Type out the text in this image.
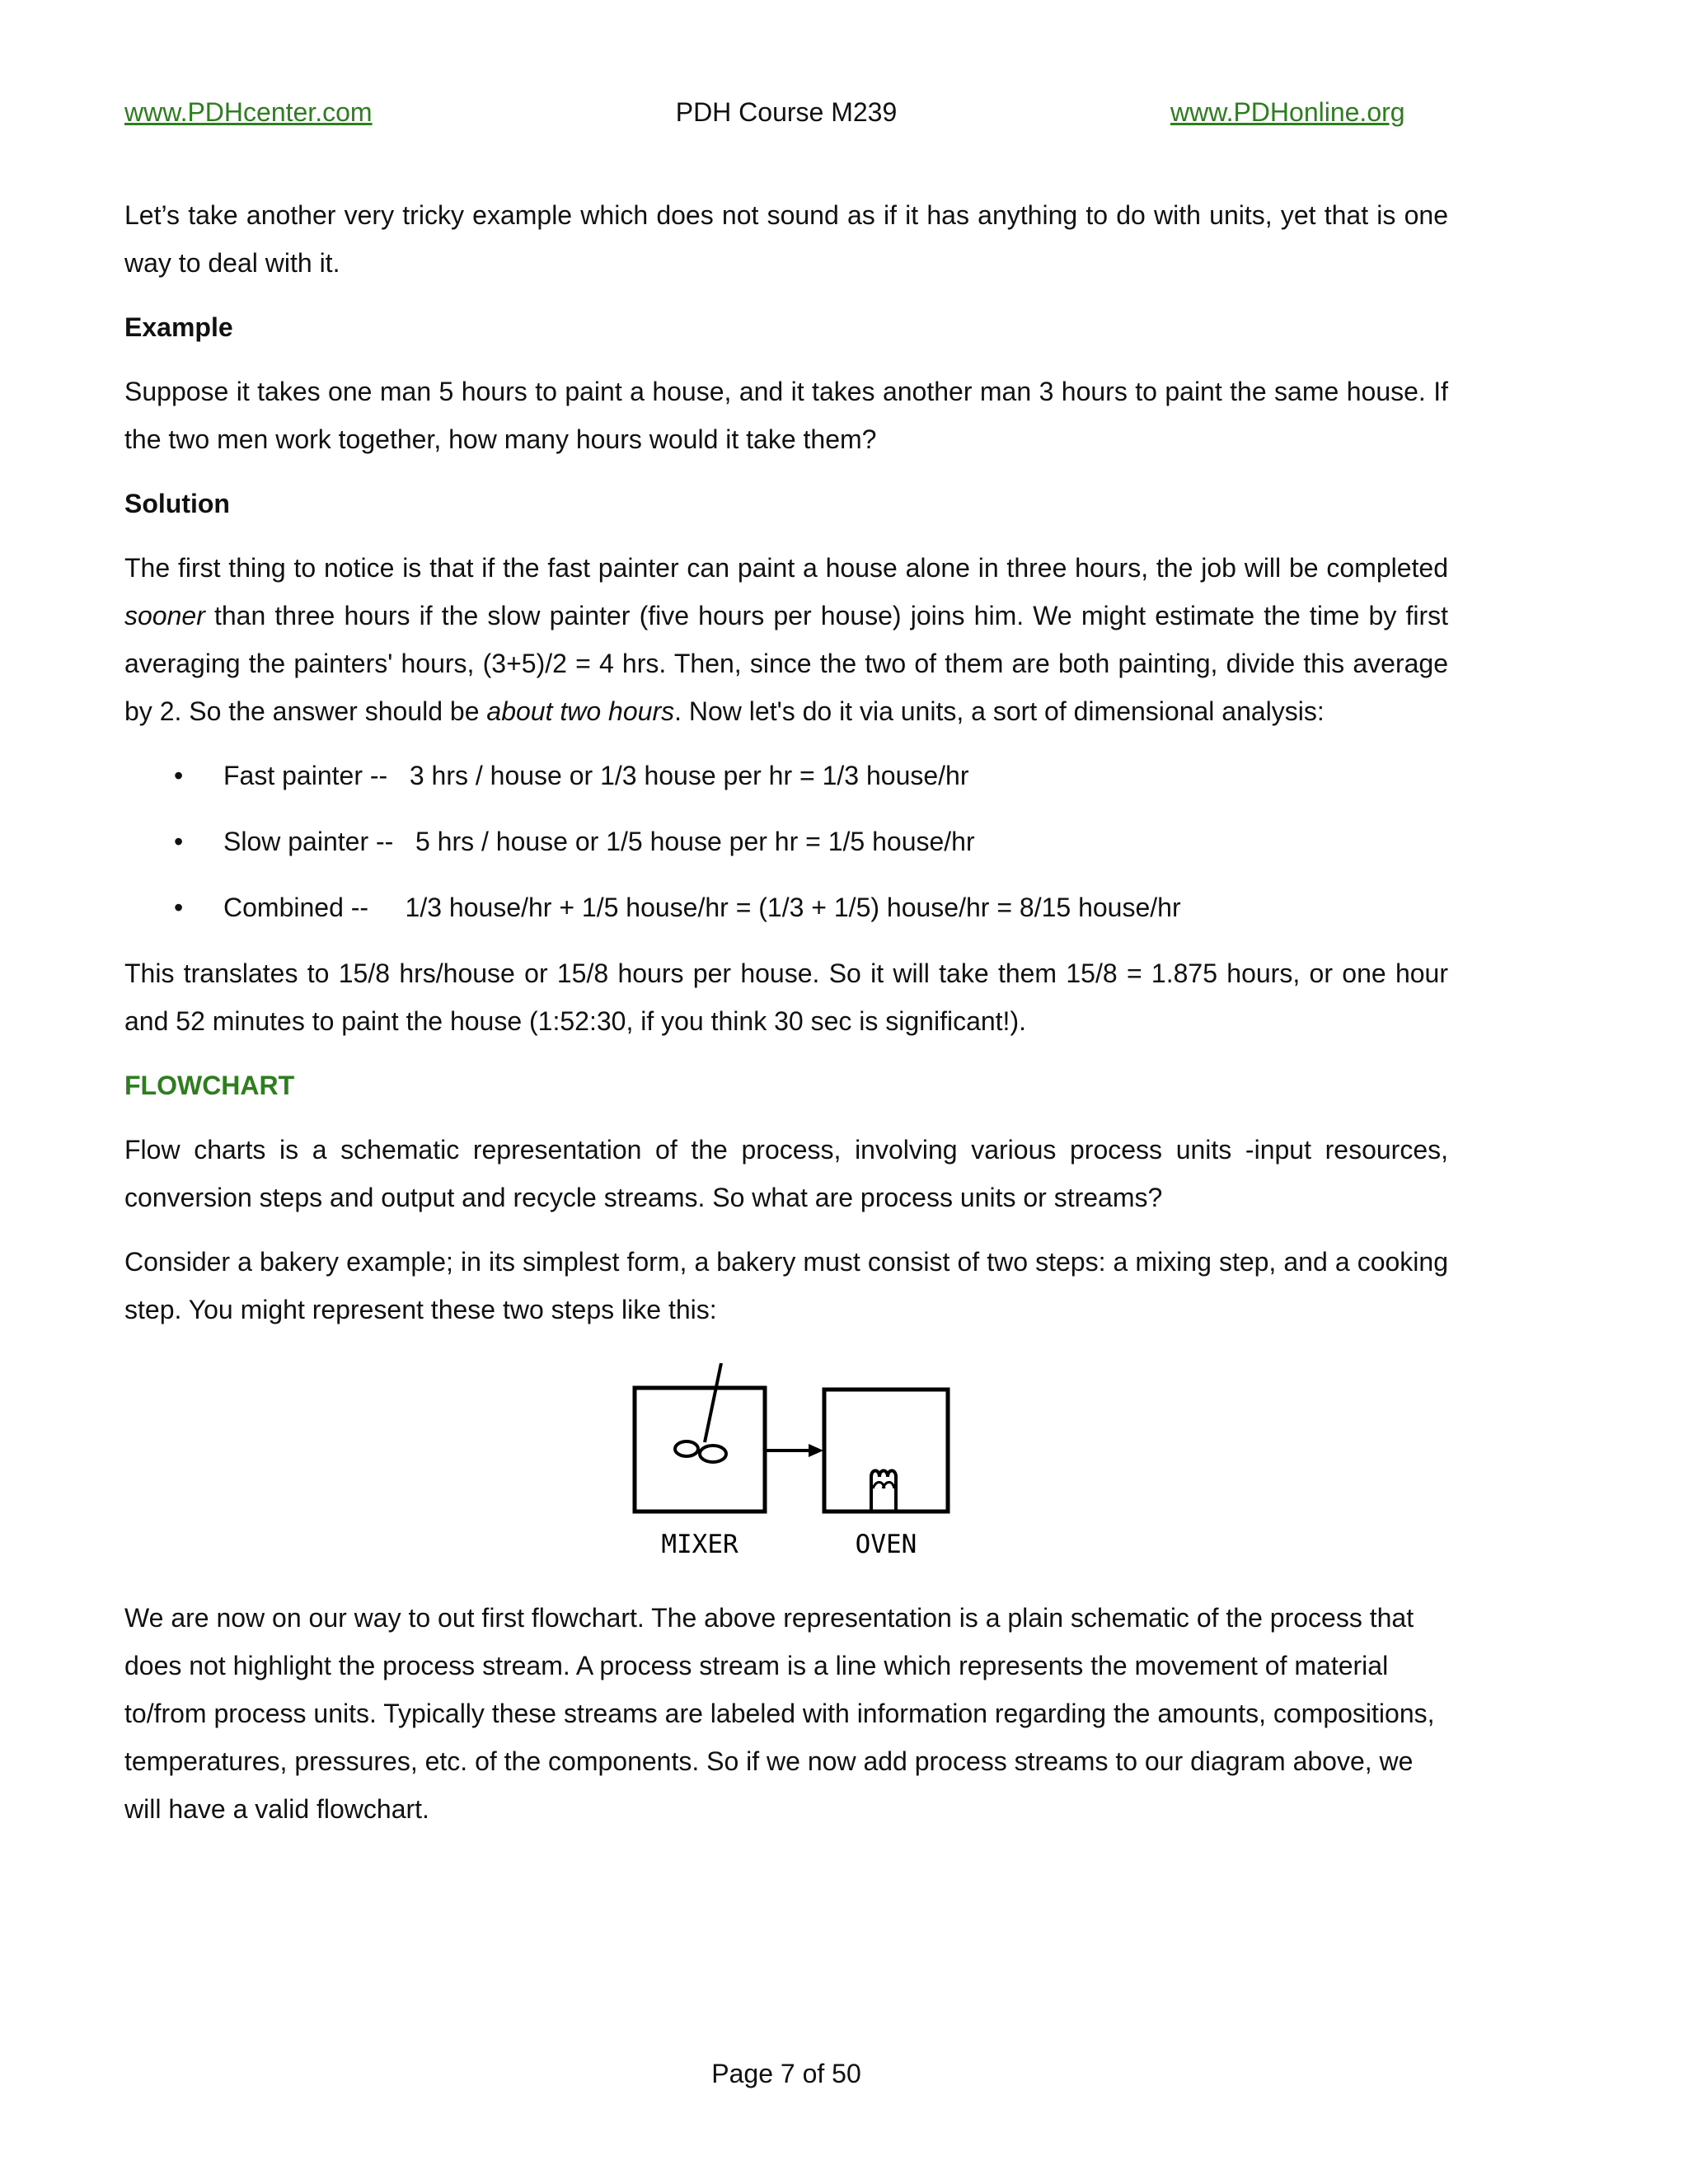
www.PDHcenter.com	PDH Course M239	www.PDHonline.org

Let’s take another very tricky example which does not sound as if it has anything to do with units, yet that is one way to deal with it.

Example

Suppose it takes one man 5 hours to paint a house, and it takes another man 3 hours to paint the same house. If the two men work together, how many hours would it take them?

Solution

The first thing to notice is that if the fast painter can paint a house alone in three hours, the job will be completed sooner than three hours if the slow painter (five hours per house) joins him. We might estimate the time by first averaging the painters' hours, (3+5)/2 = 4 hrs. Then, since the two of them are both painting, divide this average by 2. So the answer should be about two hours. Now let's do it via units, a sort of dimensional analysis:

• Fast painter --   3 hrs / house or 1/3 house per hr = 1/3 house/hr
• Slow painter --   5 hrs / house or 1/5 house per hr = 1/5 house/hr
• Combined --     1/3 house/hr + 1/5 house/hr = (1/3 + 1/5) house/hr = 8/15 house/hr

This translates to 15/8 hrs/house or 15/8 hours per house. So it will take them 15/8 = 1.875 hours, or one hour and 52 minutes to paint the house (1:52:30, if you think 30 sec is significant!).

FLOWCHART

Flow charts is a schematic representation of the process, involving various process units -input resources, conversion steps and output and recycle streams. So what are process units or streams?

Consider a bakery example; in its simplest form, a bakery must consist of two steps: a mixing step, and a cooking step. You might represent these two steps like this:

MIXER	OVEN

We are now on our way to out first flowchart. The above representation is a plain schematic of the process that does not highlight the process stream. A process stream is a line which represents the movement of material to/from process units. Typically these streams are labeled with information regarding the amounts, compositions, temperatures, pressures, etc. of the components. So if we now add process streams to our diagram above, we will have a valid flowchart.

Page 7 of 50
